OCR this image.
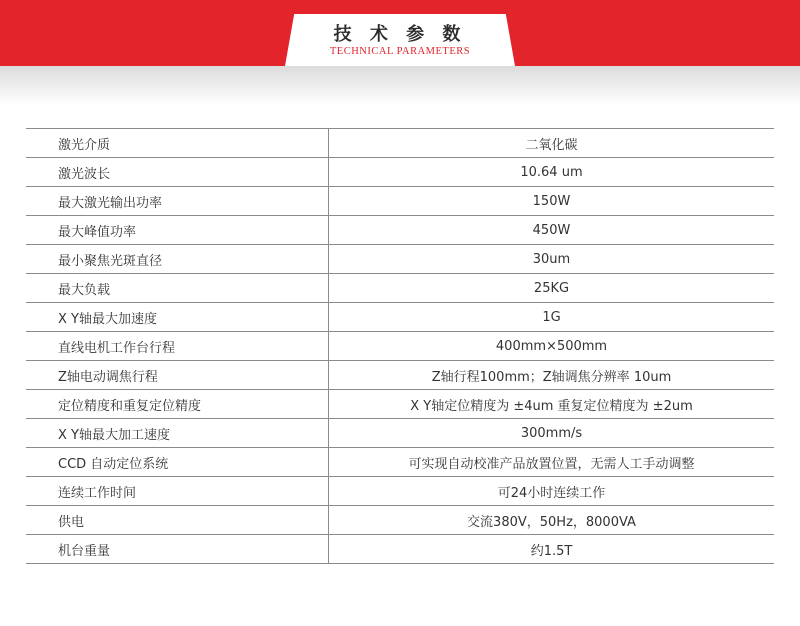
技 术 参 数
TECHNICAL PARAMETERS
激光介质	二氧化碳
激光波长	10.64 um
最大激光输出功率	150W
最大峰值功率	450W
最小聚焦光斑直径	30um
最大负载	25KG
X Y轴最大加速度	1G
直线电机工作台行程	400mm×500mm
Z轴电动调焦行程	Z轴行程100mm；Z轴调焦分辨率 10um
定位精度和重复定位精度	X Y轴定位精度为 ±4um 重复定位精度为 ±2um
X Y轴最大加工速度	300mm/s
CCD 自动定位系统	可实现自动校准产品放置位置，无需人工手动调整
连续工作时间	可24小时连续工作
供电	交流380V，50Hz，8000VA
机台重量	约1.5T
